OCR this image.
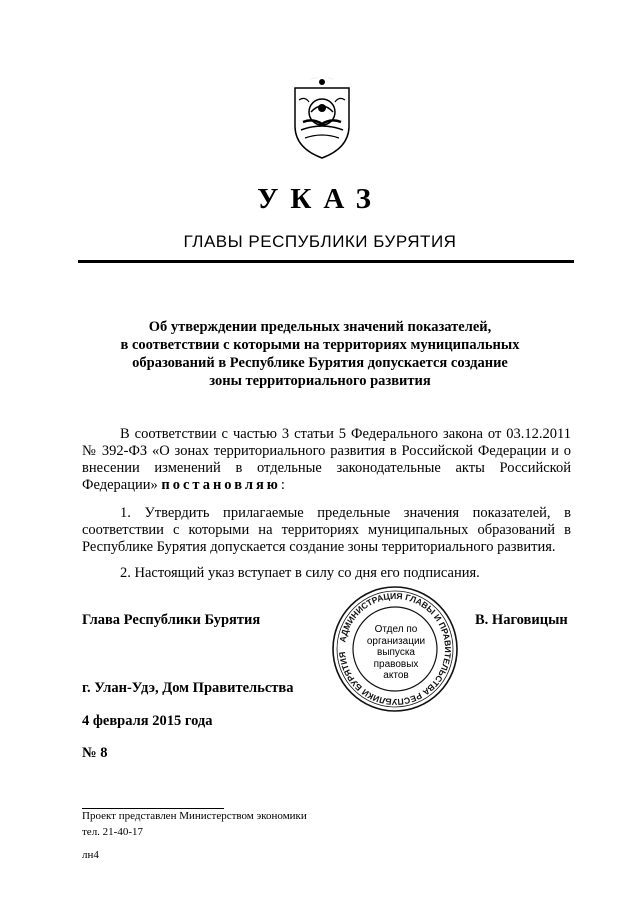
УКАЗ
ГЛАВЫ РЕСПУБЛИКИ БУРЯТИЯ
Об утверждении предельных значений показателей,
в соответствии с которыми на территориях муниципальных
образований в Республике Бурятия допускается создание
зоны территориального развития
В соответствии с частью 3 статьи 5 Федерального закона от 03.12.2011 № 392-ФЗ «О зонах территориального развития в Российской Федерации и о внесении изменений в отдельные законодательные акты Российской Федерации» постановляю:
1. Утвердить прилагаемые предельные значения показателей, в соответствии с которыми на территориях муниципальных образований в Республике Бурятия допускается создание зоны территориального развития.
2. Настоящий указ вступает в силу со дня его подписания.
Глава Республики Бурятия	В. Наговицын
АДМИНИСТРАЦИЯ ГЛАВЫ И ПРАВИТЕЛЬСТВА РЕСПУБЛИКИ БУРЯТИЯ
Отдел по
организации
выпуска
правовых
актов
г. Улан-Удэ, Дом Правительства
4 февраля 2015 года
№ 8
Проект представлен Министерством экономики
тел. 21-40-17
лн4
